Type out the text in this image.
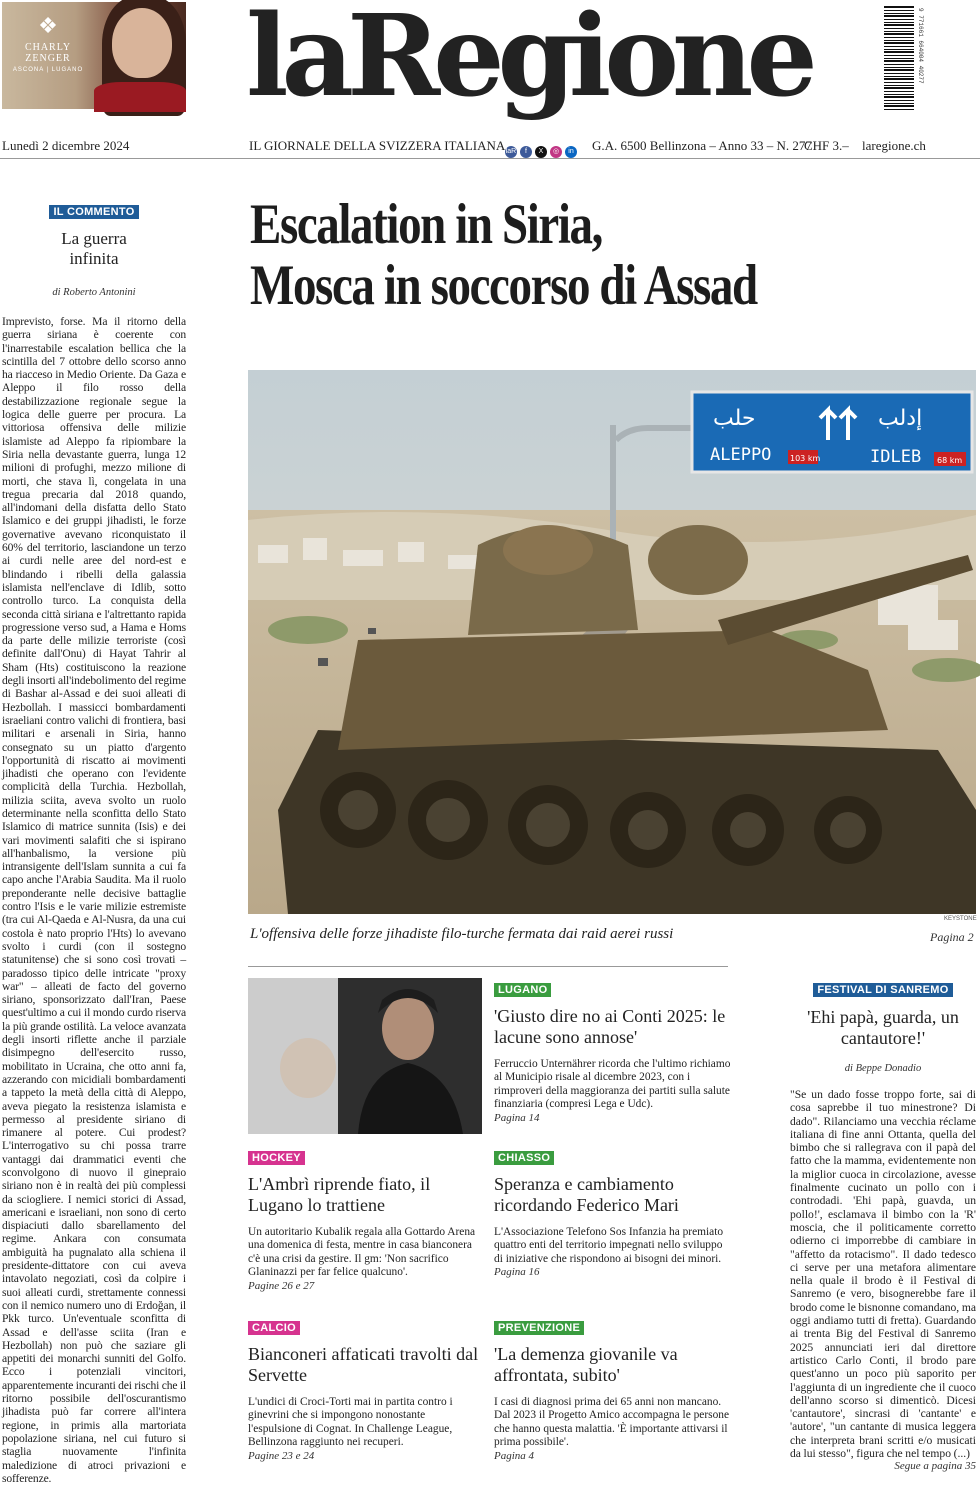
❖
CHARLY ZENGER
ASCONA | LUGANO laRegione	9 771661 664004 40277
Lunedì 2 dicembre 2024	IL GIORNALE DELLA SVIZZERA ITALIANA laR	f	X	◎	in G.A. 6500 Bellinzona – Anno 33 – N. 277
CHF 3.– laregione.ch
IL COMMENTO
La guerra infinita
di Roberto Antonini
Imprevisto, forse. Ma il ritorno della guerra siriana è coerente con l'inarrestabile escalation bellica che la scintilla del 7 ottobre dello scorso anno ha riacceso in Medio Oriente. Da Gaza e Aleppo il filo rosso della destabilizzazione regionale segue la logica delle guerre per procura. La vittoriosa offensiva delle milizie islamiste ad Aleppo fa ripiombare la Siria nella devastante guerra, lunga 12 milioni di profughi, mezzo milione di morti, che stava lì, congelata in una tregua precaria dal 2018 quando, all'indomani della disfatta dello Stato Islamico e dei gruppi jihadisti, le forze governative avevano riconquistato il 60% del territorio, lasciandone un terzo ai curdi nelle aree del nord-est e blindando i ribelli della galassia islamista nell'enclave di Idlib, sotto controllo turco. La conquista della seconda città siriana e l'altrettanto rapida progressione verso sud, a Hama e Homs da parte delle milizie terroriste (così definite dall'Onu) di Hayat Tahrir al Sham (Hts) costituiscono la reazione degli insorti all'indebolimento del regime di Bashar al-Assad e dei suoi alleati di Hezbollah. I massicci bombardamenti israeliani contro valichi di frontiera, basi militari e arsenali in Siria, hanno consegnato su un piatto d'argento l'opportunità di riscatto ai movimenti jihadisti che operano con l'evidente complicità della Turchia. Hezbollah, milizia sciita, aveva svolto un ruolo determinante nella sconfitta dello Stato Islamico di matrice sunnita (Isis) e dei vari movimenti salafiti che si ispirano all'hanbalismo, la versione più intransigente dell'Islam sunnita a cui fa capo anche l'Arabia Saudita. Ma il ruolo preponderante nelle decisive battaglie contro l'Isis e le varie milizie estremiste (tra cui Al-Qaeda e Al-Nusra, da una cui costola è nato proprio l'Hts) lo avevano svolto i curdi (con il sostegno statunitense) che si sono così trovati – paradosso tipico delle intricate "proxy war" – alleati de facto del governo siriano, sponsorizzato dall'Iran, Paese quest'ultimo a cui il mondo curdo riserva la più grande ostilità. La veloce avanzata degli insorti riflette anche il parziale disimpegno dell'esercito russo, mobilitato in Ucraina, che otto anni fa, azzerando con micidiali bombardamenti a tappeto la metà della città di Aleppo, aveva piegato la resistenza islamista e permesso al presidente siriano di rimanere al potere. Cui prodest? L'interrogativo su chi possa trarre vantaggi dai drammatici eventi che sconvolgono di nuovo il ginepraio siriano non è in realtà dei più complessi da sciogliere. I nemici storici di Assad, americani e israeliani, non sono di certo dispiaciuti dallo sbarellamento del regime. Ankara con consumata ambiguità ha pugnalato alla schiena il presidente-dittatore con cui aveva intavolato negoziati, così da colpire i suoi alleati curdi, strettamente connessi con il nemico numero uno di Erdoğan, il Pkk turco. Un'eventuale sconfitta di Assad e dell'asse sciita (Iran e Hezbollah) non può che saziare gli appetiti dei monarchi sunniti del Golfo. Ecco i potenziali vincitori, apparentemente incuranti dei rischi che il ritorno possibile dell'oscurantismo jihadista può far correre all'intera regione, in primis alla martoriata popolazione siriana, nel cui futuro si staglia nuovamente l'infinita maledizione di atroci privazioni e sofferenze.
Escalation in Siria,
Mosca in soccorso di Assad
حلب
ALEPPO 103 km
إدلب
IDLEB 68 km
KEYSTONE
L'offensiva delle forze jihadiste filo-turche fermata dai raid aerei russi	Pagina 2
HOCKEY
L'Ambrì riprende fiato, il Lugano lo trattiene
Un autoritario Kubalik regala alla Gottardo Arena una domenica di festa, mentre in casa bianconera c'è una crisi da gestire. Il gm: 'Non sacrifico Glaninazzi per far felice qualcuno'.
Pagine 26 e 27
CALCIO
Bianconeri affaticati travolti dal Servette
L'undici di Croci-Torti mai in partita contro i ginevrini che si impongono nonostante l'espulsione di Cognat. In Challenge League, Bellinzona raggiunto nei recuperi.
Pagine 23 e 24
LUGANO
'Giusto dire no ai Conti 2025: le lacune sono annose'
Ferruccio Unternährer ricorda che l'ultimo richiamo al Municipio risale al dicembre 2023, con i rimproveri della maggioranza dei partiti sulla salute finanziaria (compresi Lega e Udc).
Pagina 14
CHIASSO
Speranza e cambiamento ricordando Federico Mari
L'Associazione Telefono Sos Infanzia ha premiato quattro enti del territorio impegnati nello sviluppo di iniziative che rispondono ai bisogni dei minori.
Pagina 16
PREVENZIONE
'La demenza giovanile va affrontata, subito'
I casi di diagnosi prima dei 65 anni non mancano. Dal 2023 il Progetto Amico accompagna le persone che hanno questa malattia. 'È importante attivarsi il prima possibile'.
Pagina 4
FESTIVAL DI SANREMO
'Ehi papà, guarda, un cantautore!'
di Beppe Donadio
"Se un dado fosse troppo forte, sai di cosa saprebbe il tuo minestrone? Di dado". Rilanciamo una vecchia réclame italiana di fine anni Ottanta, quella del bimbo che si rallegrava con il papà del fatto che la mamma, evidentemente non la miglior cuoca in circolazione, avesse finalmente cucinato un pollo con i controdadi. 'Ehi papà, guavda, un pollo!', esclamava il bimbo con la 'R' moscia, che il politicamente corretto odierno ci imporrebbe di cambiare in "affetto da rotacismo". Il dado tedesco ci serve per una metafora alimentare nella quale il brodo è il Festival di Sanremo (e vero, bisognerebbe fare il brodo come le bisnonne comandano, ma oggi andiamo tutti di fretta). Guardando ai trenta Big del Festival di Sanremo 2025 annunciati ieri dal direttore artistico Carlo Conti, il brodo pare quest'anno un poco più saporito per l'aggiunta di un ingrediente che il cuoco dell'anno scorso si dimenticò. Dicesi 'cantautore', sincrasi di 'cantante' e 'autore', "un cantante di musica leggera che interpreta brani scritti e/o musicati da lui stesso", figura che nel tempo (...)
Segue a pagina 35
